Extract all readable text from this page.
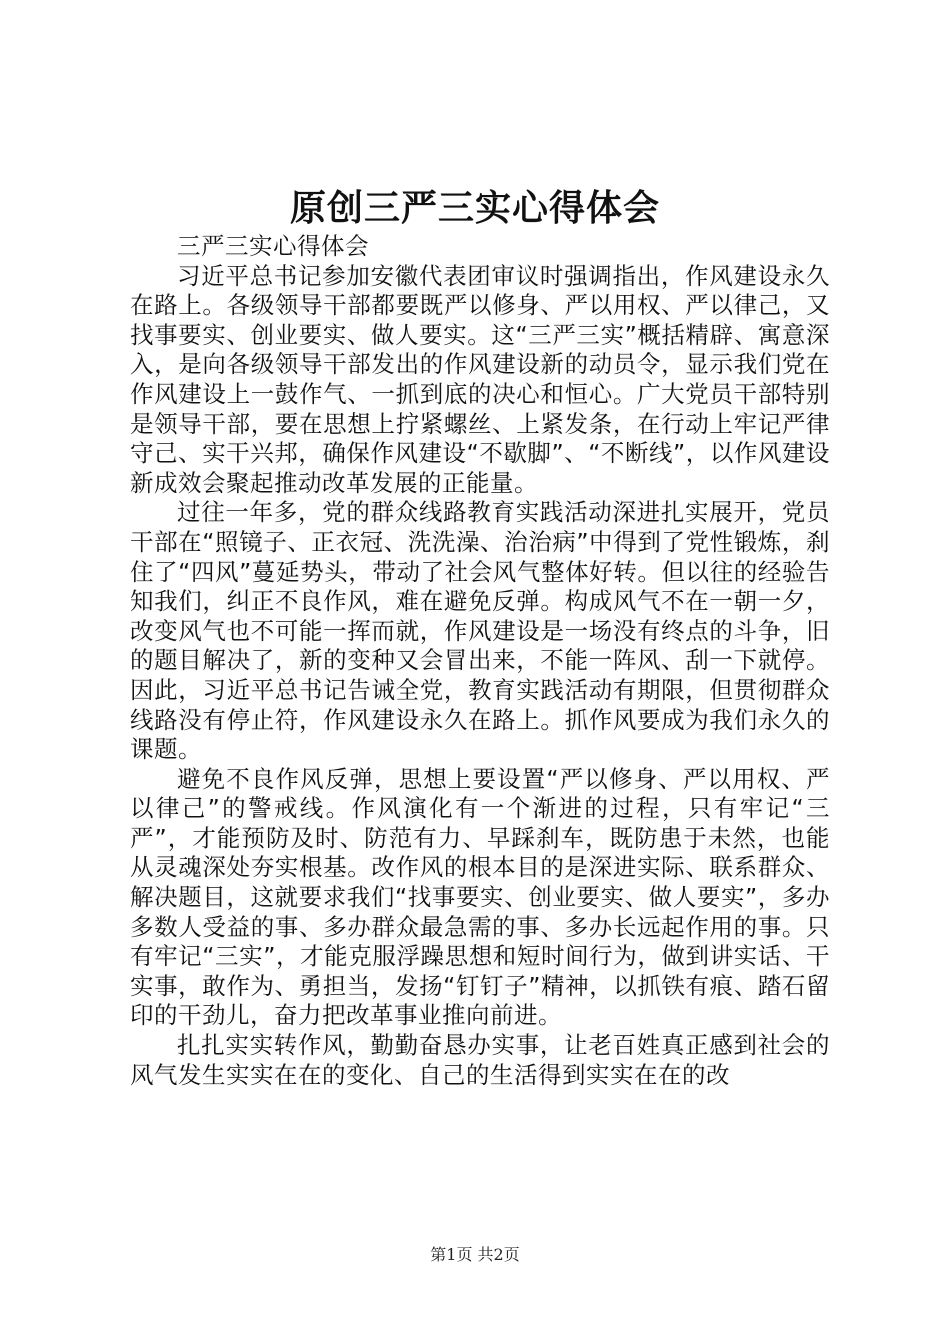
原创三严三实心得体会

三严三实心得体会

习近平总书记参加安徽代表团审议时强调指出，作风建设永久在路上。各级领导干部都要既严以修身、严以用权、严以律己，又找事要实、创业要实、做人要实。这“三严三实”概括精辟、寓意深入，是向各级领导干部发出的作风建设新的动员令，显示我们党在作风建设上一鼓作气、一抓到底的决心和恒心。广大党员干部特别是领导干部，要在思想上拧紧螺丝、上紧发条，在行动上牢记严律守己、实干兴邦，确保作风建设“不歇脚”、“不断线”，以作风建设新成效会聚起推动改革发展的正能量。

过往一年多，党的群众线路教育实践活动深进扎实展开，党员干部在“照镜子、正衣冠、洗洗澡、治治病”中得到了党性锻炼，刹住了“四风”蔓延势头，带动了社会风气整体好转。但以往的经验告知我们，纠正不良作风，难在避免反弹。构成风气不在一朝一夕，改变风气也不可能一挥而就，作风建设是一场没有终点的斗争，旧的题目解决了，新的变种又会冒出来，不能一阵风、刮一下就停。因此，习近平总书记告诫全党，教育实践活动有期限，但贯彻群众线路没有停止符，作风建设永久在路上。抓作风要成为我们永久的课题。

避免不良作风反弹，思想上要设置“严以修身、严以用权、严以律己”的警戒线。作风演化有一个渐进的过程，只有牢记“三严”，才能预防及时、防范有力、早踩刹车，既防患于未然，也能从灵魂深处夯实根基。改作风的根本目的是深进实际、联系群众、解决题目，这就要求我们“找事要实、创业要实、做人要实”，多办多数人受益的事、多办群众最急需的事、多办长远起作用的事。只有牢记“三实”，才能克服浮躁思想和短时间行为，做到讲实话、干实事，敢作为、勇担当，发扬“钉钉子”精神，以抓铁有痕、踏石留印的干劲儿，奋力把改革事业推向前进。

扎扎实实转作风，勤勤奋恳办实事，让老百姓真正感到社会的风气发生实实在在的变化、自己的生活得到实实在在的改

第1页 共2页
